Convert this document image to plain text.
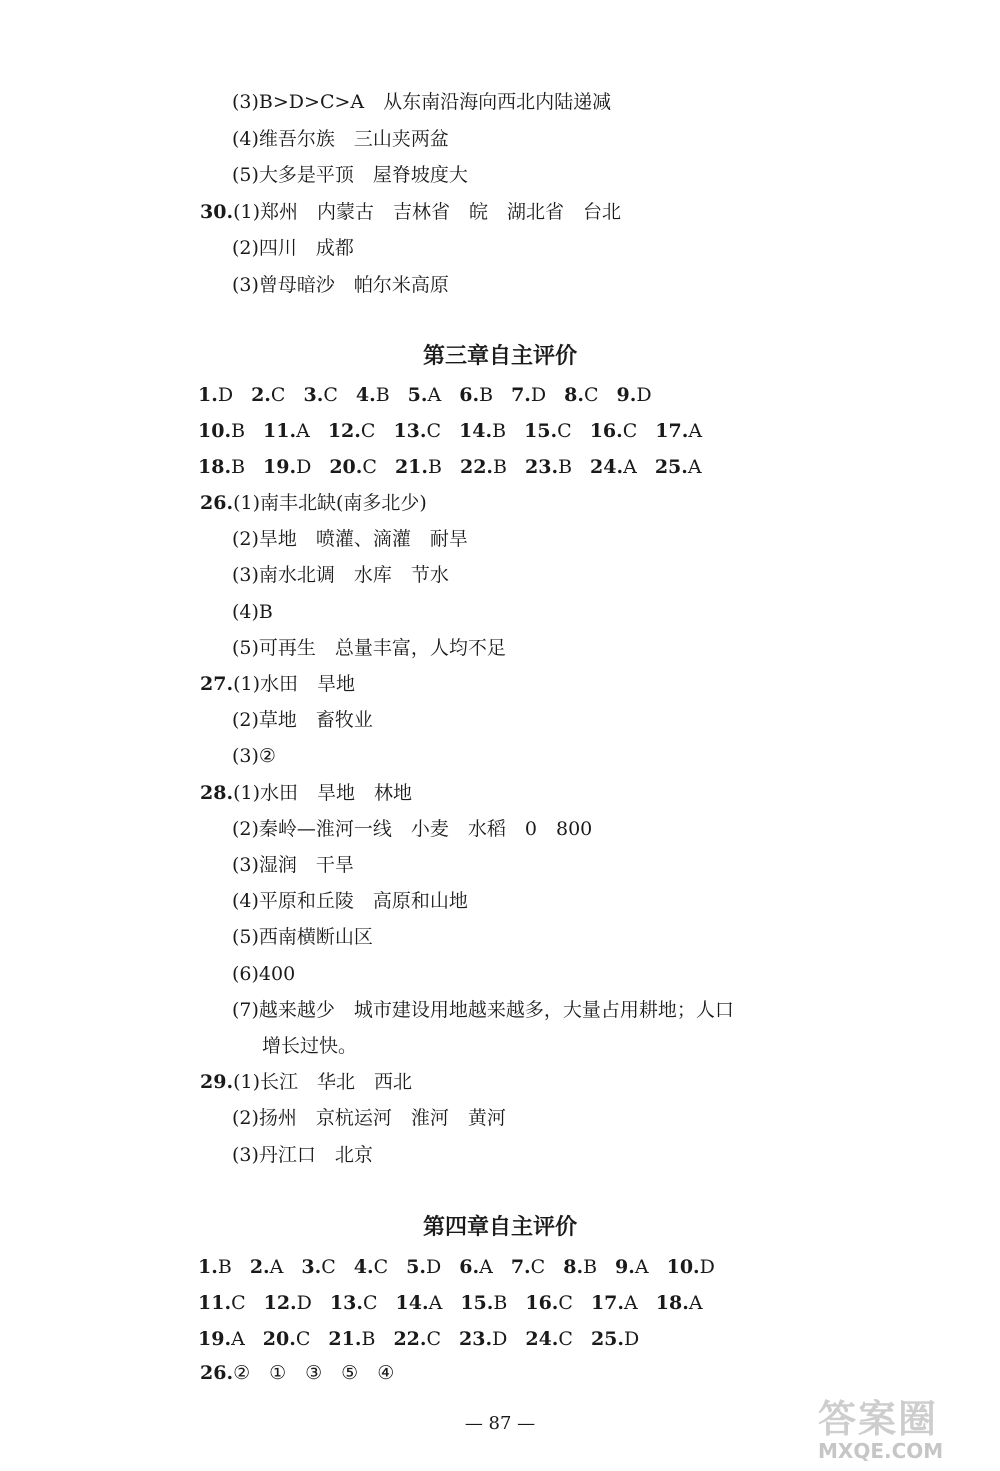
(3)B>D>C>A　从东南沿海向西北内陆递减
(4)维吾尔族　三山夹两盆
(5)大多是平顶　屋脊坡度大
30.(1)郑州　内蒙古　吉林省　皖　湖北省　台北
(2)四川　成都
(3)曾母暗沙　帕尔米高原
第三章自主评价
1.D 2.C 3.C 4.B 5.A 6.B 7.D 8.C 9.D
10.B 11.A 12.C 13.C 14.B 15.C 16.C 17.A
18.B 19.D 20.C 21.B 22.B 23.B 24.A 25.A
26.(1)南丰北缺(南多北少)
(2)旱地　喷灌、滴灌　耐旱
(3)南水北调　水库　节水
(4)B
(5)可再生　总量丰富，人均不足
27.(1)水田　旱地
(2)草地　畜牧业
(3)②
28.(1)水田　旱地　林地
(2)秦岭—淮河一线　小麦　水稻　0　800
(3)湿润　干旱
(4)平原和丘陵　高原和山地
(5)西南横断山区
(6)400
(7)越来越少　城市建设用地越来越多，大量占用耕地；人口
增长过快。
29.(1)长江　华北　西北
(2)扬州　京杭运河　淮河　黄河
(3)丹江口　北京
第四章自主评价
1.B 2.A 3.C 4.C 5.D 6.A 7.C 8.B 9.A 10.D
11.C 12.D 13.C 14.A 15.B 16.C 17.A 18.A
19.A 20.C 21.B 22.C 23.D 24.C 25.D
26.②　①　③　⑤　④
— 87 —	答案圈
MXQE.COM
